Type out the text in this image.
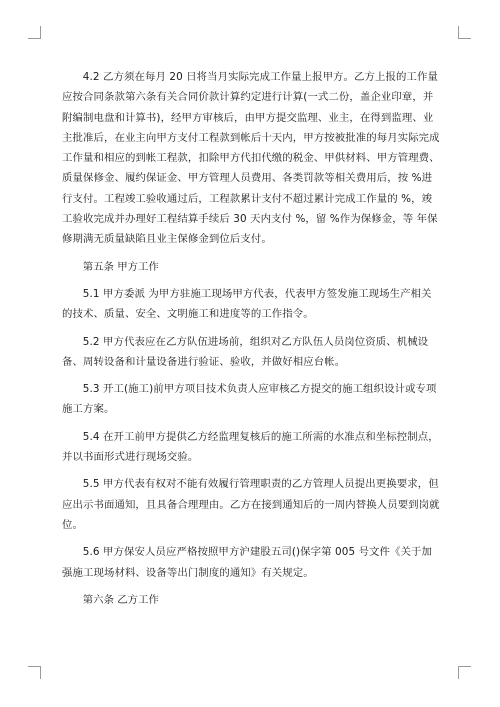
4.2 乙方须在每月 20 日将当月实际完成工作量上报甲方。乙方上报的工作量应按合同条款第六条有关合同价款计算约定进行计算(一式二份，盖企业印章，并附编制电盘和计算书)，经甲方审核后，由甲方提交监理、业主，在得到监理、业主批准后，在业主向甲方支付工程款到帐后十天内，甲方按被批准的每月实际完成工作量和相应的到帐工程款，扣除甲方代扣代缴的税金、甲供材料、甲方管理费、质量保修金、履约保证金、甲方管理人员费用、各类罚款等相关费用后，按 %进行支付。工程竣工验收通过后，工程款累计支付不超过累计完成工作量的 %，竣工验收完成并办理好工程结算手续后 30 天内支付 %，留 %作为保修金，等 年保修期满无质量缺陷且业主保修金到位后支付。

第五条 甲方工作

5.1 甲方委派 为甲方驻施工现场甲方代表，代表甲方签发施工现场生产相关的技术、质量、安全、文明施工和进度等的工作指令。

5.2 甲方代表应在乙方队伍进场前，组织对乙方队伍人员岗位资质、机械设备、周转设备和计量设备进行验证、验收，并做好相应台帐。

5.3 开工(施工)前甲方项目技术负责人应审核乙方提交的施工组织设计或专项施工方案。

5.4 在开工前甲方提供乙方经监理复核后的施工所需的水准点和坐标控制点，并以书面形式进行现场交验。

5.5 甲方代表有权对不能有效履行管理职责的乙方管理人员提出更换要求，但应出示书面通知，且具备合理理由。乙方在接到通知后的一周内替换人员要到岗就位。

5.6 甲方保安人员应严格按照甲方沪建股五司()保字第 005 号文件《关于加强施工现场材料、设备等出门制度的通知》有关规定。

第六条 乙方工作
